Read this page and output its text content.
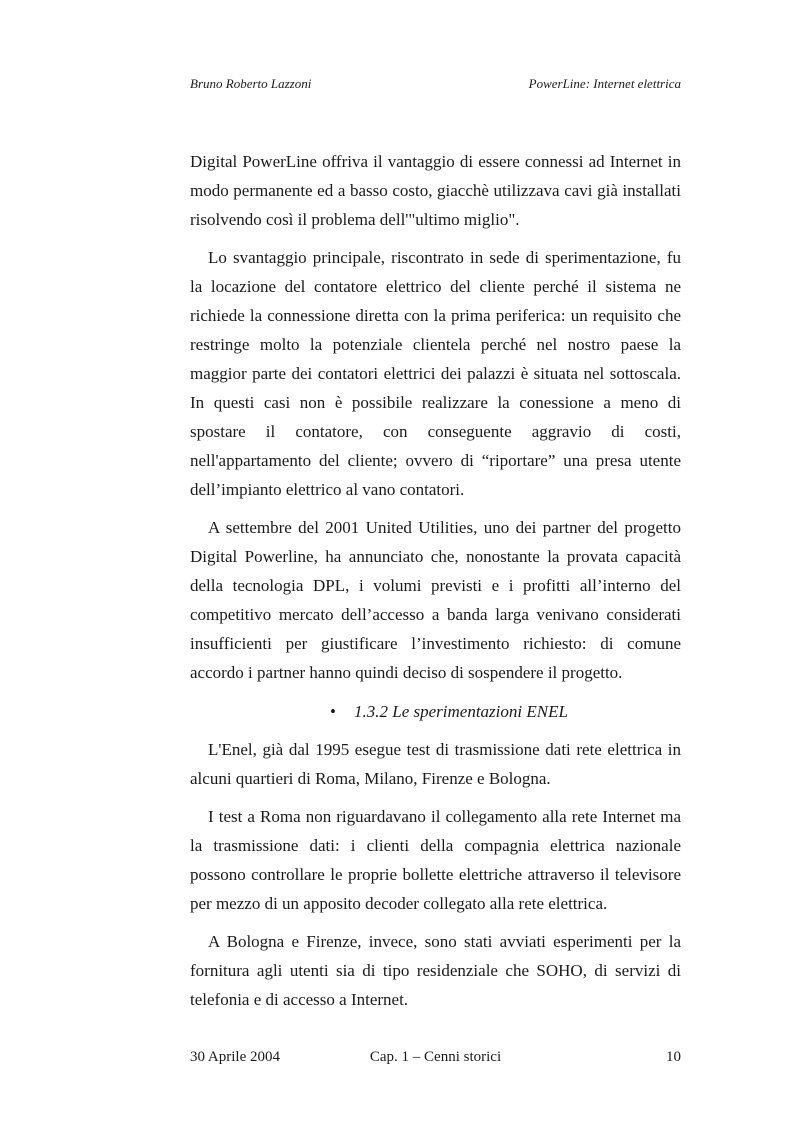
Bruno Roberto Lazzoni	PowerLine: Internet elettrica

Digital PowerLine offriva il vantaggio di essere connessi ad Internet in modo permanente ed a basso costo, giacchè utilizzava cavi già installati risolvendo così il problema dell'"ultimo miglio".

Lo svantaggio principale, riscontrato in sede di sperimentazione, fu la locazione del contatore elettrico del cliente perché il sistema ne richiede la connessione diretta con la prima periferica: un requisito che restringe molto la potenziale clientela perché nel nostro paese la maggior parte dei contatori elettrici dei palazzi è situata nel sottoscala. In questi casi non è possibile realizzare la conessione a meno di spostare il contatore, con conseguente aggravio di costi, nell'appartamento del cliente; ovvero di “riportare” una presa utente dell’impianto elettrico al vano contatori.

A settembre del 2001 United Utilities, uno dei partner del progetto Digital Powerline, ha annunciato che, nonostante la provata capacità della tecnologia DPL, i volumi previsti e i profitti all’interno del competitivo mercato dell’accesso a banda larga venivano considerati insufficienti per giustificare l’investimento richiesto: di comune accordo i partner hanno quindi deciso di sospendere il progetto.

• 1.3.2 Le sperimentazioni ENEL

L'Enel, già dal 1995 esegue test di trasmissione dati rete elettrica in alcuni quartieri di Roma, Milano, Firenze e Bologna.

I test a Roma non riguardavano il collegamento alla rete Internet ma la trasmissione dati: i clienti della compagnia elettrica nazionale possono controllare le proprie bollette elettriche attraverso il televisore per mezzo di un apposito decoder collegato alla rete elettrica.

A Bologna e Firenze, invece, sono stati avviati esperimenti per la fornitura agli utenti sia di tipo residenziale che SOHO, di servizi di telefonia e di accesso a Internet.

30 Aprile 2004	Cap. 1 – Cenni storici	10
